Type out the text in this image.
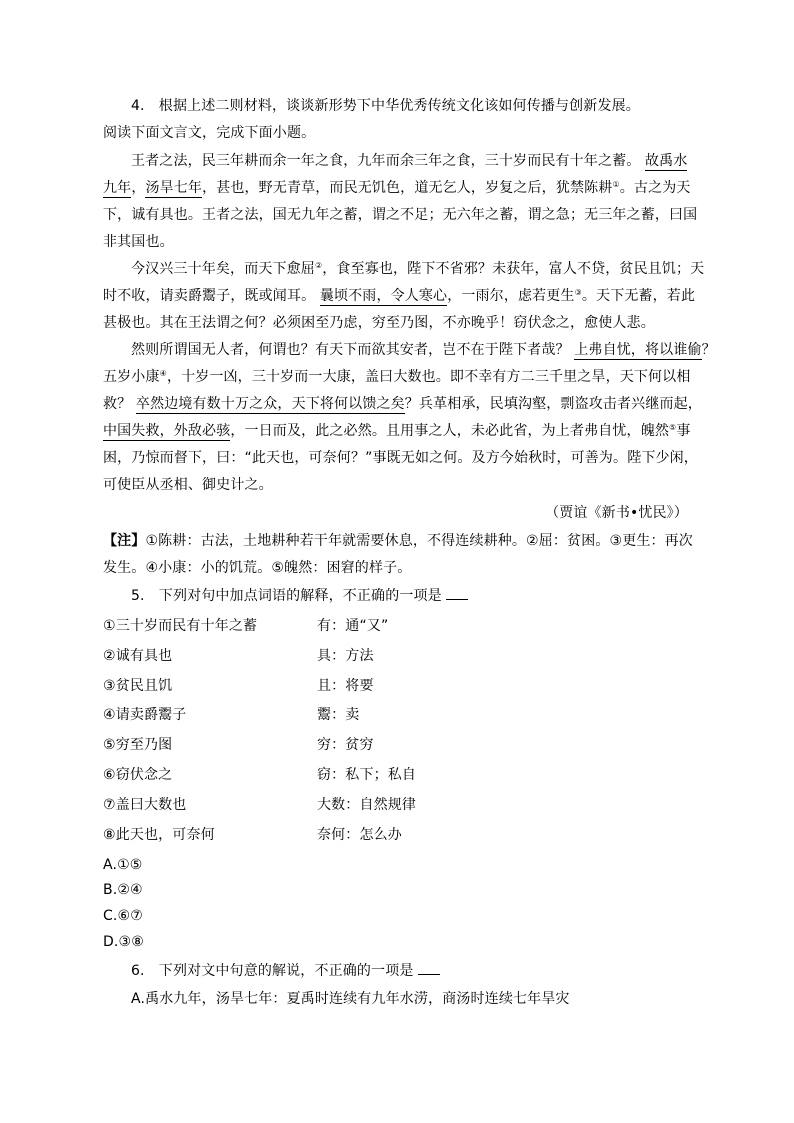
4.　根据上述二则材料，谈谈新形势下中华优秀传统文化该如何传播与创新发展。
阅读下面文言文，完成下面小题。
王者之法，民三年耕而余一年之食，九年而余三年之食，三十岁而民有十年之蓄。 故禹水
九年，汤旱七年，甚也，野无青草，而民无饥色，道无乞人，岁复之后，犹禁陈耕①。古之为天
下，诚有具也。王者之法，国无九年之蓄，谓之不足；无六年之蓄，谓之急；无三年之蓄，曰国
非其国也。
今汉兴三十年矣，而天下愈屈②，食至寡也，陛下不省邪？未获年，富人不贷，贫民且饥；天
时不收，请卖爵鬻子，既或闻耳。 曩顷不雨，令人寒心，一雨尔，虑若更生③。天下无蓄，若此
甚极也。其在王法谓之何？必须困至乃虑，穷至乃图，不亦晚乎！窃伏念之，愈使人悲。
然则所谓国无人者，何谓也？有天下而欲其安者，岂不在于陛下者哉？ 上弗自忧，将以谁偷？
五岁小康④，十岁一凶，三十岁而一大康，盖曰大数也。即不幸有方二三千里之旱，天下何以相
救？ 卒然边境有数十万之众，天下将何以馈之矣？兵革相承，民填沟壑，剽盗攻击者兴继而起，
中国失救，外敌必骇，一日而及，此之必然。且用事之人，未必此省，为上者弗自忧，魄然⑤事
困，乃惊而督下，曰：“此天也，可奈何？”事既无如之何。及方今始秋时，可善为。陛下少闲，
可使臣从丞相、御史计之。
（贾谊《新书•忧民》）
【注】①陈耕：古法，土地耕种若干年就需要休息，不得连续耕种。②屈：贫困。③更生：再次
发生。④小康：小的饥荒。⑤魄然：困窘的样子。
5.　下列对句中加点词语的解释，不正确的一项是
①三十岁而民有十年之蓄	有：通“又”
②诚有具也	具：方法
③贫民且饥	且：将要
④请卖爵鬻子	鬻：卖
⑤穷至乃图	穷：贫穷
⑥窃伏念之	窃：私下；私自
⑦盖曰大数也	大数：自然规律
⑧此天也，可奈何	奈何：怎么办
A.①⑤
B.②④
C.⑥⑦
D.③⑧
6.　下列对文中句意的解说，不正确的一项是
A.禹水九年，汤旱七年：夏禹时连续有九年水涝，商汤时连续七年旱灾
